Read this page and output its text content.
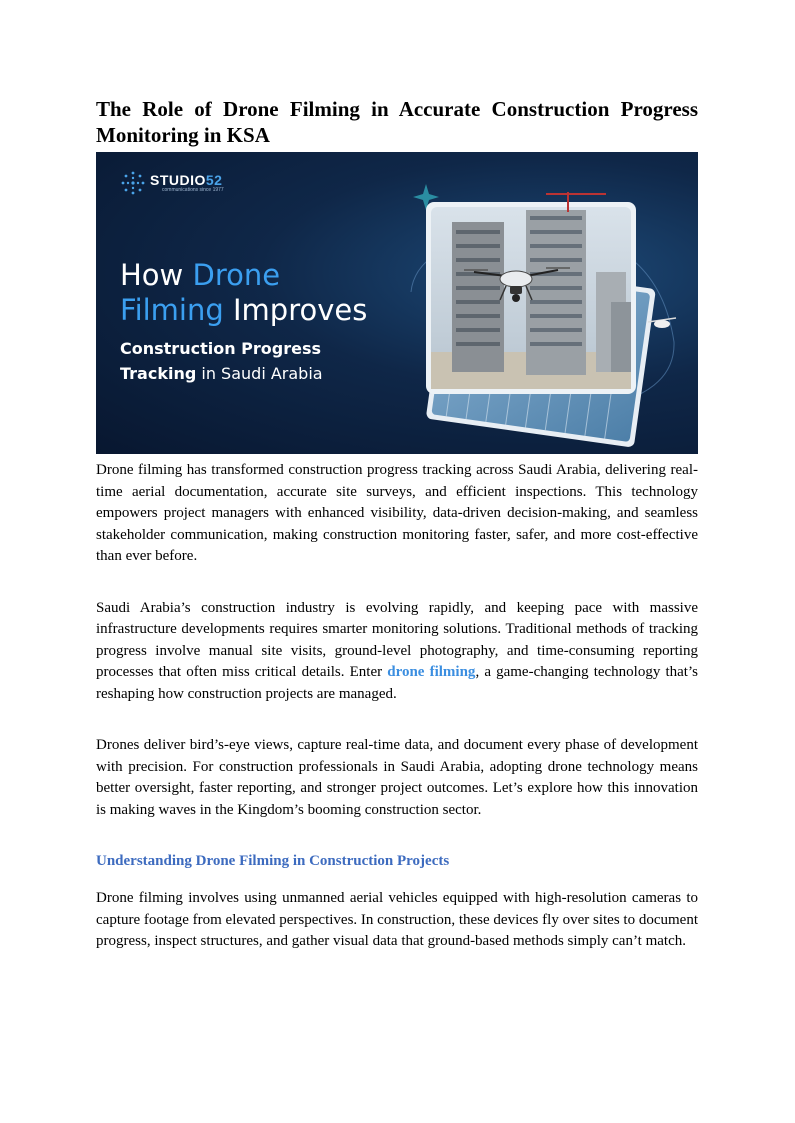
The Role of Drone Filming in Accurate Construction Progress Monitoring in KSA
STUDIO52
communications since 1977
How Drone
Filming Improves
Construction Progress
Tracking in Saudi Arabia

Drone filming has transformed construction progress tracking across Saudi Arabia, delivering real-time aerial documentation, accurate site surveys, and efficient inspections. This technology empowers project managers with enhanced visibility, data-driven decision-making, and seamless stakeholder communication, making construction monitoring faster, safer, and more cost-effective than ever before.

Saudi Arabia’s construction industry is evolving rapidly, and keeping pace with massive infrastructure developments requires smarter monitoring solutions. Traditional methods of tracking progress involve manual site visits, ground-level photography, and time-consuming reporting processes that often miss critical details. Enter drone filming, a game-changing technology that’s reshaping how construction projects are managed.

Drones deliver bird’s-eye views, capture real-time data, and document every phase of development with precision. For construction professionals in Saudi Arabia, adopting drone technology means better oversight, faster reporting, and stronger project outcomes. Let’s explore how this innovation is making waves in the Kingdom’s booming construction sector.

Understanding Drone Filming in Construction Projects

Drone filming involves using unmanned aerial vehicles equipped with high-resolution cameras to capture footage from elevated perspectives. In construction, these devices fly over sites to document progress, inspect structures, and gather visual data that ground-based methods simply can’t match.
